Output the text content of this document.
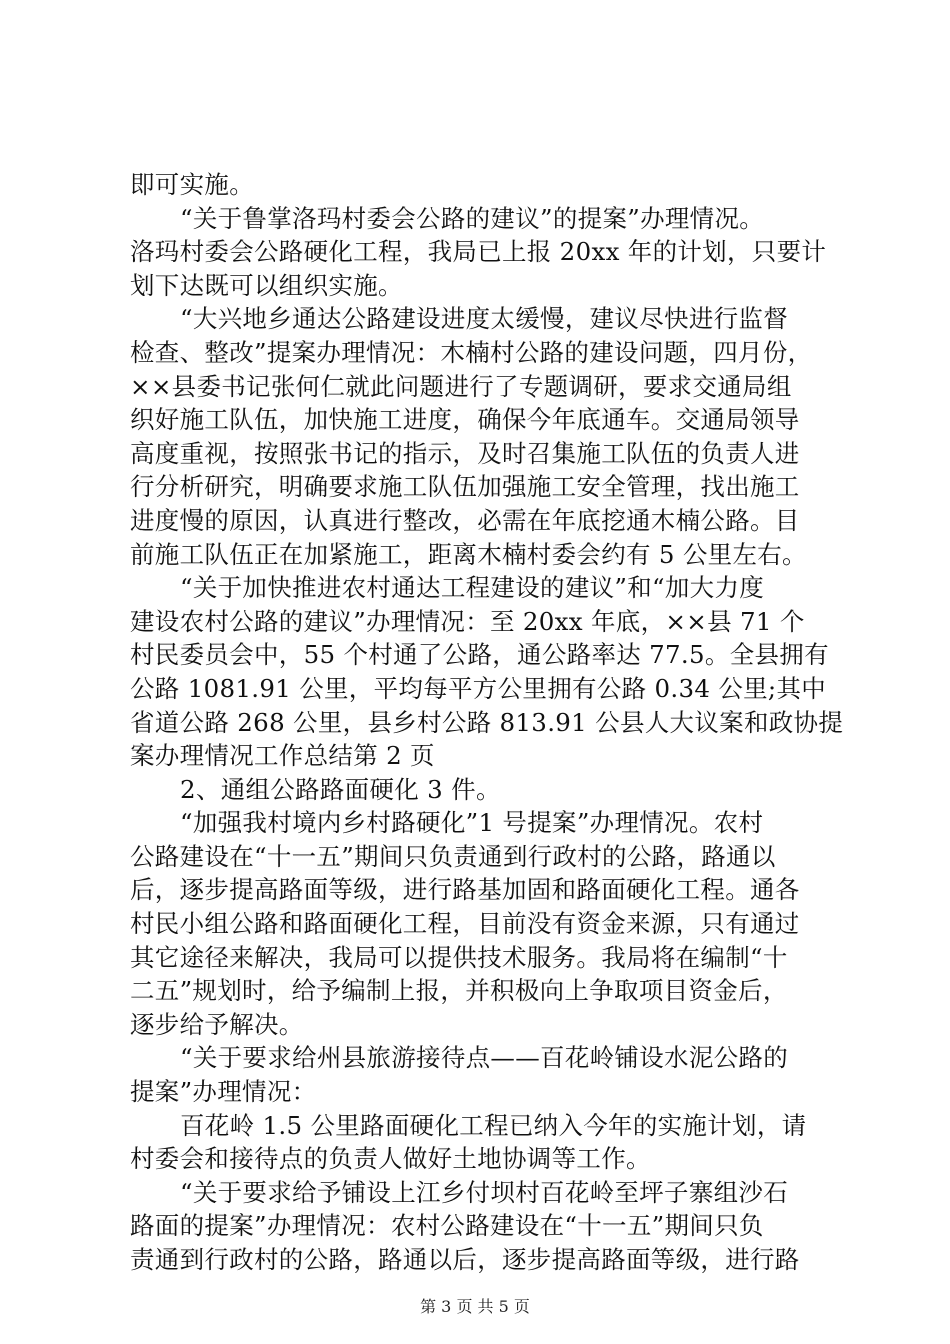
即可实施。
“关于鲁掌洛玛村委会公路的建议”的提案”办理情况。
洛玛村委会公路硬化工程，我局已上报 20xx 年的计划，只要计
划下达既可以组织实施。
“大兴地乡通达公路建设进度太缓慢，建议尽快进行监督
检查、整改”提案办理情况：木楠村公路的建设问题，四月份，
××县委书记张何仁就此问题进行了专题调研，要求交通局组
织好施工队伍，加快施工进度，确保今年底通车。交通局领导
高度重视，按照张书记的指示，及时召集施工队伍的负责人进
行分析研究，明确要求施工队伍加强施工安全管理，找出施工
进度慢的原因，认真进行整改，必需在年底挖通木楠公路。目
前施工队伍正在加紧施工，距离木楠村委会约有 5 公里左右。
“关于加快推进农村通达工程建设的建议”和“加大力度
建设农村公路的建议”办理情况：至 20xx 年底，××县 71 个
村民委员会中，55 个村通了公路，通公路率达 77.5。全县拥有
公路 1081.91 公里，平均每平方公里拥有公路 0.34 公里;其中
省道公路 268 公里，县乡村公路 813.91 公县人大议案和政协提
案办理情况工作总结第 2 页
2、通组公路路面硬化 3 件。
“加强我村境内乡村路硬化”1 号提案”办理情况。农村
公路建设在“十一五”期间只负责通到行政村的公路，路通以
后，逐步提高路面等级，进行路基加固和路面硬化工程。通各
村民小组公路和路面硬化工程，目前没有资金来源，只有通过
其它途径来解决，我局可以提供技术服务。我局将在编制“十
二五”规划时，给予编制上报，并积极向上争取项目资金后，
逐步给予解决。
“关于要求给州县旅游接待点——百花岭铺设水泥公路的
提案”办理情况：
百花岭 1.5 公里路面硬化工程已纳入今年的实施计划，请
村委会和接待点的负责人做好土地协调等工作。
“关于要求给予铺设上江乡付坝村百花岭至坪子寨组沙石
路面的提案”办理情况：农村公路建设在“十一五”期间只负
责通到行政村的公路，路通以后，逐步提高路面等级，进行路
第 3 页 共 5 页
